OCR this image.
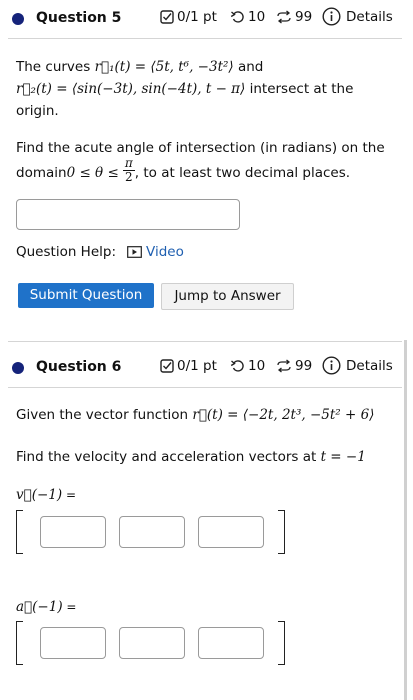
Question 5	0/1 pt 10 99	Details
The curves r⃗₁(t) = ⟨5t, t⁶, −3t²⟩ and
r⃗₂(t) = ⟨sin(−3t), sin(−4t), t − π⟩ intersect at the
origin.
Find the acute angle of intersection (in radians) on the
domain 0 ≤ θ ≤
π
2 , to at least two decimal places.
Question Help: Video
Submit Question	Jump to Answer
Question 6	0/1 pt 10 99	Details
Given the vector function r⃗(t) = ⟨−2t, 2t³, −5t² + 6⟩
Find the velocity and acceleration vectors at t = −1
v⃗(−1) =
a⃗(−1) =
